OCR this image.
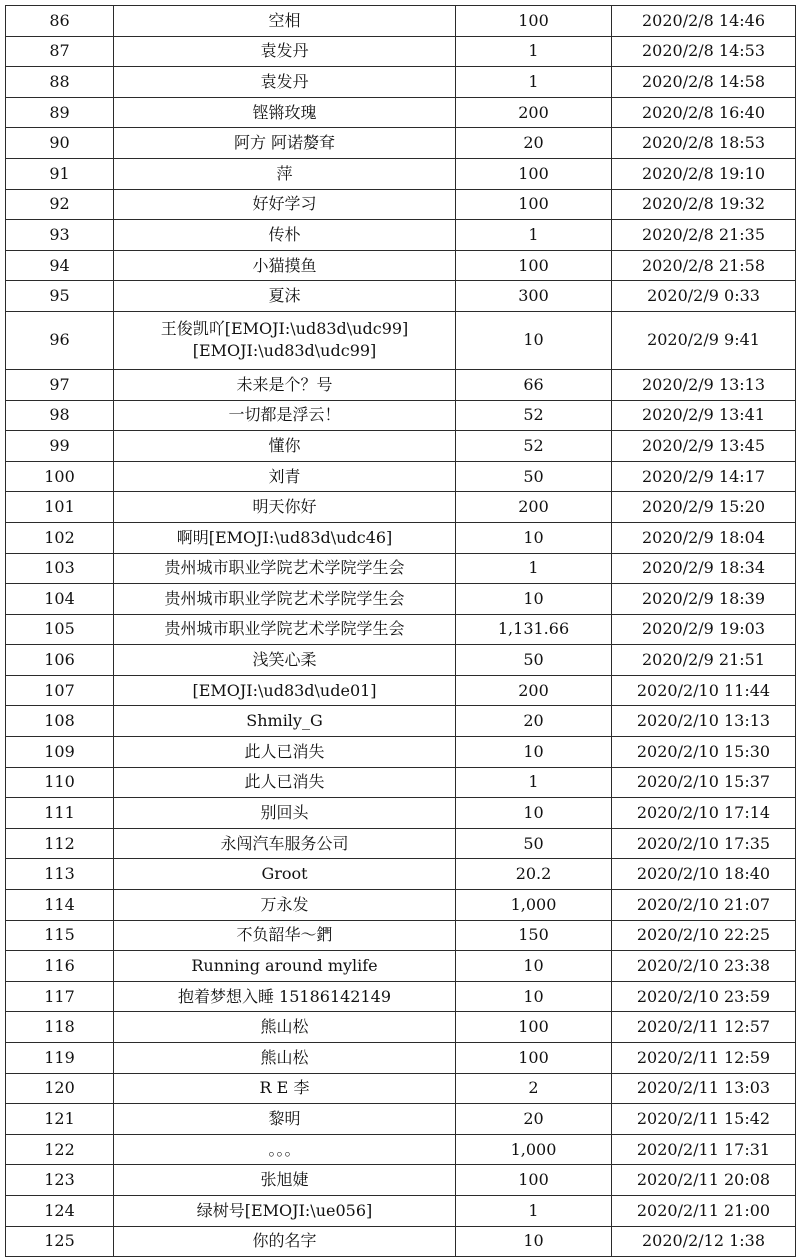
86	空相	100	2020/2/8 14:46
87	袁发丹	1	2020/2/8 14:53
88	袁发丹	1	2020/2/8 14:58
89	铿锵玫瑰	200	2020/2/8 16:40
90	阿方 阿诺嫠耷	20	2020/2/8 18:53
91	萍	100	2020/2/8 19:10
92	好好学习	100	2020/2/8 19:32
93	传朴	1	2020/2/8 21:35
94	小猫摸鱼	100	2020/2/8 21:58
95	夏沫	300	2020/2/9 0:33
96	王俊凯吖[EMOJI:\ud83d\udc99][EMOJI:\ud83d\udc99]	10	2020/2/9 9:41
97	未来是个？号	66	2020/2/9 13:13
98	一切都是浮云！	52	2020/2/9 13:41
99	懂你	52	2020/2/9 13:45
100	刘青	50	2020/2/9 14:17
101	明天你好	200	2020/2/9 15:20
102	啊明[EMOJI:\ud83d\udc46]	10	2020/2/9 18:04
103	贵州城市职业学院艺术学院学生会	1	2020/2/9 18:34
104	贵州城市职业学院艺术学院学生会	10	2020/2/9 18:39
105	贵州城市职业学院艺术学院学生会	1,131.66	2020/2/9 19:03
106	浅笑心柔	50	2020/2/9 21:51
107	[EMOJI:\ud83d\ude01]	200	2020/2/10 11:44
108	Shmily_G	20	2020/2/10 13:13
109	此人已消失	10	2020/2/10 15:30
110	此人已消失	1	2020/2/10 15:37
111	别回头	10	2020/2/10 17:14
112	永闯汽车服务公司	50	2020/2/10 17:35
113	Groot	20.2	2020/2/10 18:40
114	万永发	1,000	2020/2/10 21:07
115	不负韶华～鍆	150	2020/2/10 22:25
116	Running around mylife	10	2020/2/10 23:38
117	抱着梦想入睡 15186142149	10	2020/2/10 23:59
118	熊山松	100	2020/2/11 12:57
119	熊山松	100	2020/2/11 12:59
120	R E 李	2	2020/2/11 13:03
121	黎明	20	2020/2/11 15:42
122	。。。	1,000	2020/2/11 17:31
123	张旭婕	100	2020/2/11 20:08
124	绿树号[EMOJI:\ue056]	1	2020/2/11 21:00
125	你的名字	10	2020/2/12 1:38
